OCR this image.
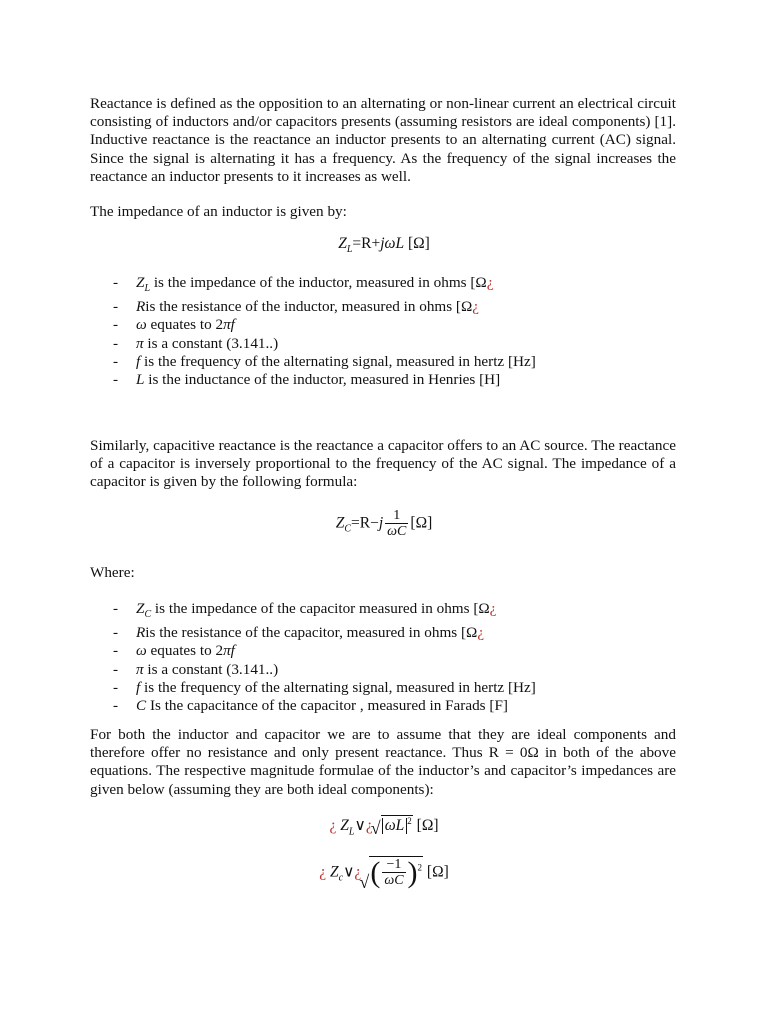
Reactance is defined as the opposition to an alternating or non-linear current an electrical circuit consisting of inductors and/or capacitors presents (assuming resistors are ideal components) [1]. Inductive reactance is the reactance an inductor presents to an alternating current (AC) signal. Since the signal is alternating it has a frequency. As the frequency of the signal increases the reactance an inductor presents to it increases as well.

The impedance of an inductor is given by:

$Z_L=R+j\omega L$ [Ω]
- $Z_L$ is the impedance of the inductor, measured in ohms [Ω¿
- Ris the resistance of the inductor, measured in ohms [Ω¿
- ω equates to 2πf
- π is a constant (3.141..)
- f is the frequency of the alternating signal, measured in hertz [Hz]
- L is the inductance of the inductor, measured in Henries [H]

Similarly, capacitive reactance is the reactance a capacitor offers to an AC source. The reactance of a capacitor is inversely proportional to the frequency of the AC signal. The impedance of a capacitor is given by the following formula:

$Z_C=R-j \frac{1}{\omega C} [\Omega]$

Where:

- $Z_C$ is the impedance of the capacitor measured in ohms [Ω¿
- Ris the resistance of the capacitor, measured in ohms [Ω¿
- ω equates to 2πf
- π is a constant (3.141..)
- f is the frequency of the alternating signal, measured in hertz [Hz]
- C Is the capacitance of the capacitor , measured in Farads [F]

For both the inductor and capacitor we are to assume that they are ideal components and therefore offer no resistance and only present reactance. Thus R = 0Ω in both of the above equations. The respective magnitude formulae of the inductor’s and capacitor’s impedances are given below (assuming they are both ideal components):

¿ $Z_L\vee¿√$ ωL $^2$ [Ω]
¿ $Z_c\vee¿√$ ( $\frac{-1}{\omega C} )^2$ [Ω]
